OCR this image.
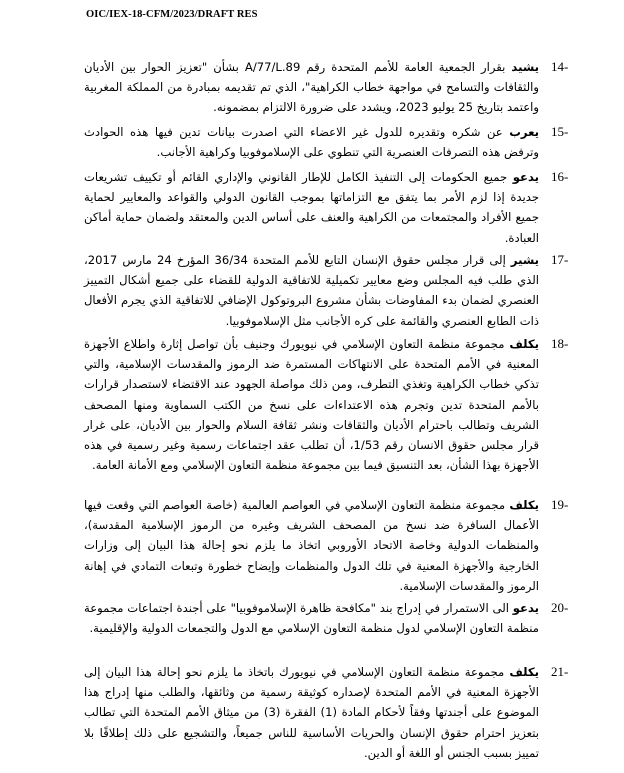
OIC/IEX-18-CFM/2023/DRAFT RES
14-
يشيد بقرار الجمعية العامة للأمم المتحدة رقم A/77/L.89 بشأن "تعزيز الحوار بين الأديان والثقافات والتسامح في مواجهة خطاب الكراهية"، الذي تم تقديمه بمبادرة من المملكة المغربية واعتمد بتاريخ 25 يوليو 2023، ويشدد على ضرورة الالتزام بمضمونه.
15-
يعرب عن شكره وتقديره للدول غير الاعضاء التي اصدرت بيانات تدين فيها هذه الحوادث وترفض هذه التصرفات العنصرية التي تنطوي على الإسلاموفوبيا وكراهية الأجانب.
16-
يدعو جميع الحكومات إلى التنفيذ الكامل للإطار القانوني والإداري القائم أو تكييف تشريعات جديدة إذا لزم الأمر بما يتفق مع التزاماتها بموجب القانون الدولي والقواعد والمعايير لحماية جميع الأفراد والمجتمعات من الكراهية والعنف على أساس الدين والمعتقد ولضمان حماية أماكن العبادة.
17-
يشير إلى قرار مجلس حقوق الإنسان التابع للأمم المتحدة 36/34 المؤرخ 24 مارس 2017، الذي طلب فيه المجلس وضع معايير تكميلية للاتفاقية الدولية للقضاء على جميع أشكال التمييز العنصري لضمان بدء المفاوضات بشأن مشروع البروتوكول الإضافي للاتفاقية الذي يجرم الأفعال ذات الطابع العنصري والقائمة على كره الأجانب مثل الإسلاموفوبيا.
18-
يكلف مجموعة منظمة التعاون الإسلامي في نيويورك وجنيف بأن تواصل إثارة واطلاع الأجهزة المعنية في الأمم المتحدة على الانتهاكات المستمرة ضد الرموز والمقدسات الإسلامية، والتي تذكي خطاب الكراهية وتغذي التطرف، ومن ذلك مواصلة الجهود عند الاقتضاء لاستصدار قرارات بالأمم المتحدة تدين وتجرم هذه الاعتداءات على نسخ من الكتب السماوية ومنها المصحف الشريف وتطالب باحترام الأديان والثقافات ونشر ثقافة السلام والحوار بين الأديان، على غرار قرار مجلس حقوق الانسان رقم 1/53، أن تطلب عقد اجتماعات رسمية وغير رسمية في هذه الأجهزة بهذا الشأن، بعد التنسيق فيما بين مجموعة منظمة التعاون الإسلامي ومع الأمانة العامة.
19-
يكلف مجموعة منظمة التعاون الإسلامي في العواصم العالمية (خاصة العواصم التي وقعت فيها الأعمال السافرة ضد نسخ من المصحف الشريف وغيره من الرموز الإسلامية المقدسة)، والمنظمات الدولية وخاصة الاتحاد الأوروبي اتخاذ ما يلزم نحو إحالة هذا البيان إلى وزارات الخارجية والأجهزة المعنية في تلك الدول والمنظمات وإيضاح خطورة وتبعات التمادي في إهانة الرموز والمقدسات الإسلامية.
20-
يدعو الى الاستمرار في إدراج بند "مكافحة ظاهرة الإسلاموفوبيا" على أجندة اجتماعات مجموعة منظمة التعاون الإسلامي لدول منظمة التعاون الإسلامي مع الدول والتجمعات الدولية والإقليمية.
21-
يكلف مجموعة منظمة التعاون الإسلامي في نيويورك باتخاذ ما يلزم نحو إحالة هذا البيان إلى الأجهزة المعنية في الأمم المتحدة لإصداره كوثيقة رسمية من وثائقها، والطلب منها إدراج هذا الموضوع على أجندتها وفقاً لأحكام المادة (1) الفقرة (3) من ميثاق الأمم المتحدة التي تطالب بتعزيز احترام حقوق الإنسان والحريات الأساسية للناس جميعاً، والتشجيع على ذلك إطلاقًا بلا تمييز بسبب الجنس أو اللغة أو الدين.
